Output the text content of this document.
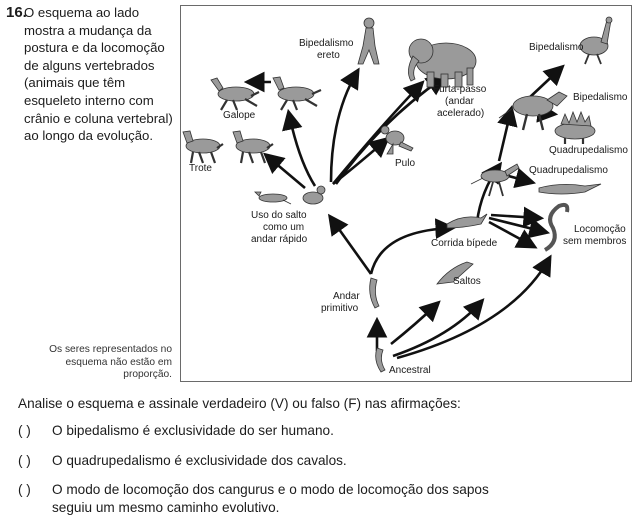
16.
O esquema ao lado mostra a mudança da postura e da locomoção de alguns vertebrados (animais que têm esqueleto interno com crânio e coluna vertebral) ao longo da evolução.
Bipedalismo
ereto
Galope
Trote
Furta-passo
(andar
acelerado)
Pulo
Uso do salto
como um
andar rápido
Bipedalismo
Bipedalismo
Quadrupedalismo
Quadrupedalismo
Corrida bípede
Locomoção
sem membros
Saltos
Andar
primitivo
Ancestral
Os seres representados no esquema não estão em proporção.
Analise o esquema e assinale verdadeiro (V) ou falso (F) nas afirmações:
( ) O bipedalismo é exclusividade do ser humano.
( ) O quadrupedalismo é exclusividade dos cavalos.
( ) O modo de locomoção dos cangurus e o modo de locomoção dos sapos
seguiu um mesmo caminho evolutivo.
